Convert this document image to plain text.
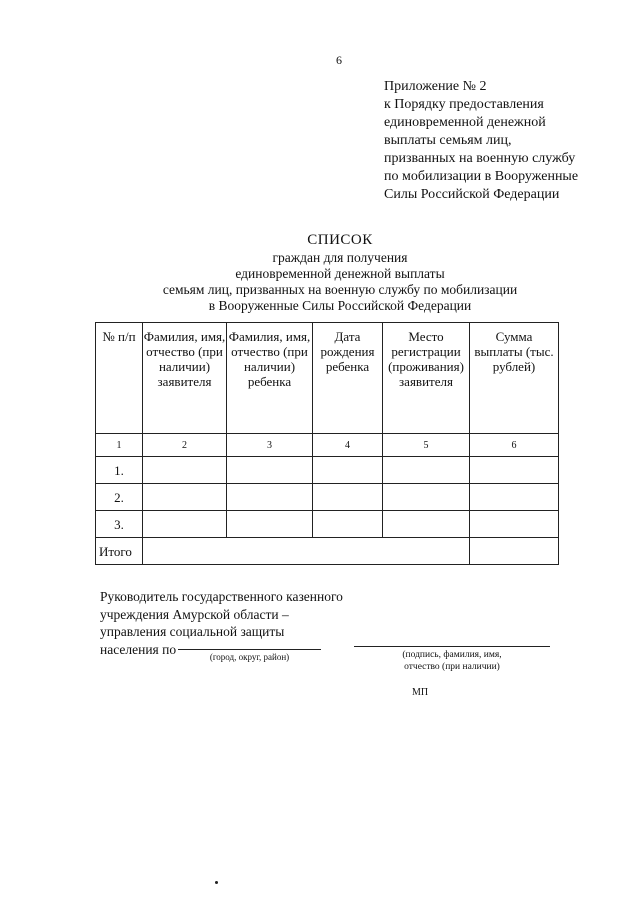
6
Приложение № 2
к Порядку предоставления
единовременной денежной
выплаты семьям лиц,
призванных на военную службу
по мобилизации в Вооруженные
Силы Российской Федерации
СПИСОК
граждан для получения
единовременной денежной выплаты
семьям лиц, призванных на военную службу по мобилизации
в Вооруженные Силы Российской Федерации
№ п/п	Фамилия, имя, отчество (при наличии) заявителя	Фамилия, имя, отчество (при наличии) ребенка	Дата рождения ребенка	Место регистрации (проживания) заявителя	Сумма выплаты (тыс. рублей)
1	2	3	4	5	6
1.					
2.					
3.					
Итого					
Руководитель государственного казенного
учреждения Амурской области –
управления социальной защиты
населения по
(город, округ, район)	(подпись, фамилия, имя,
отчество (при наличии)
МП
